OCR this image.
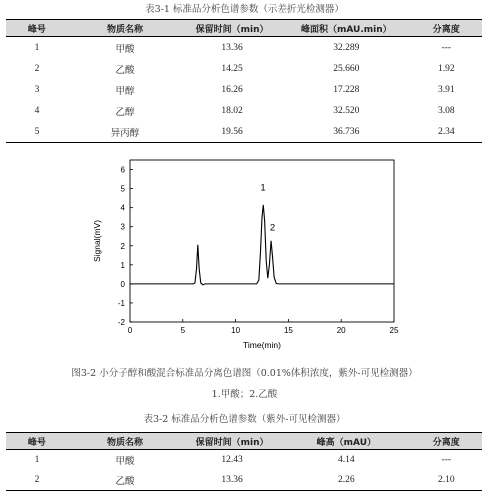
表3-1 标准品分析色谱参数（示差折光检测器）
峰号	物质名称	保留时间（min）	峰面积（mAU.min）	分离度
1	甲酸	13.36	32.289	---
2	乙酸	14.25	25.660	1.92
3	甲醇	16.26	17.228	3.91
4	乙醇	18.02	32.520	3.08
5	异丙醇	19.56	36.736	2.34
0	5	10	15	20	25
-2
-1
0
1
2
3
4
5
6
1
2
Time(min)
Signal(mV)
图3-2 小分子醇和酸混合标准品分离色谱图（0.01%体积浓度，紫外-可见检测器）
1.甲酸；2.乙酸
表3-2 标准品分析色谱参数（紫外-可见检测器）
峰号	物质名称	保留时间（min）	峰高（mAU）	分离度
1	甲酸	12.43	4.14	---
2	乙酸	13.36	2.26	2.10
